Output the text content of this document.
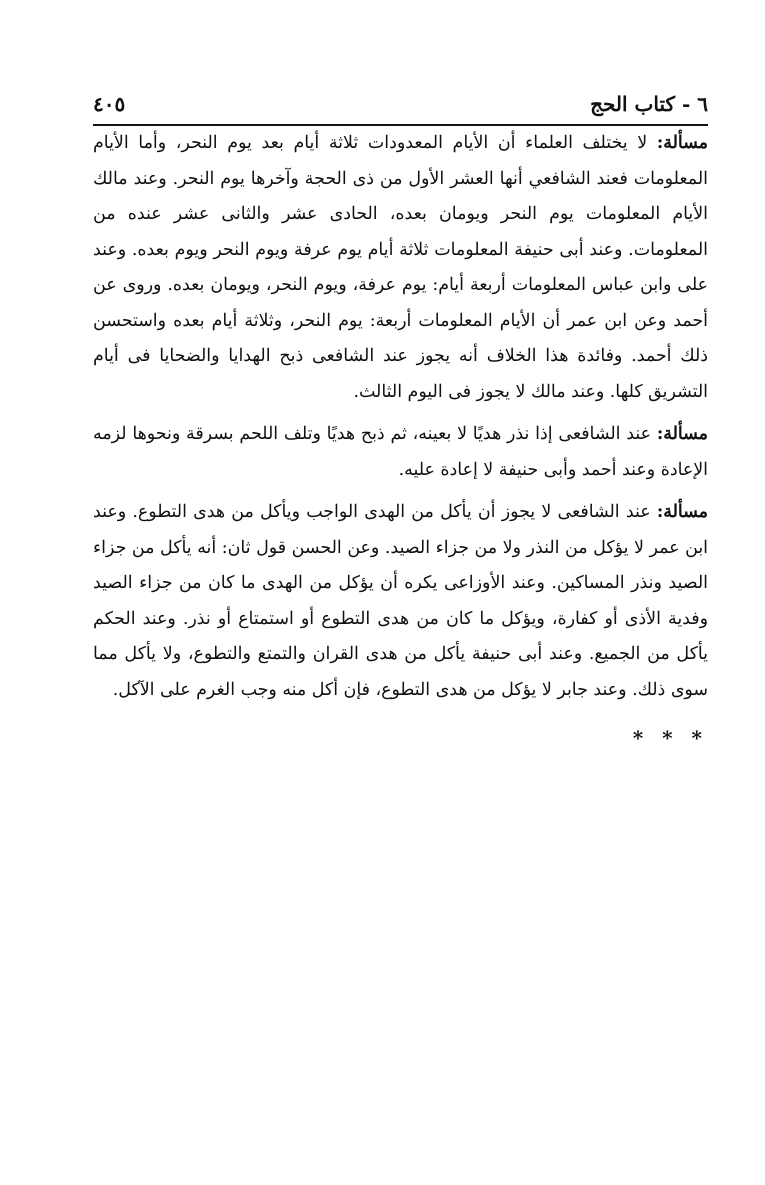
٦ - كتاب الحج
٤٠٥

مسألة: لا يختلف العلماء أن الأيام المعدودات ثلاثة أيام بعد يوم النحر، وأما الأيام المعلومات فعند الشافعي أنها العشر الأول من ذى الحجة وآخرها يوم النحر. وعند مالك الأيام المعلومات يوم النحر ويومان بعده، الحادى عشر والثانى عشر عنده من المعلومات. وعند أبى حنيفة المعلومات ثلاثة أيام يوم عرفة ويوم النحر ويوم بعده. وعند على وابن عباس المعلومات أربعة أيام: يوم عرفة، ويوم النحر، ويومان بعده. وروى عن أحمد وعن ابن عمر أن الأيام المعلومات أربعة: يوم النحر، وثلاثة أيام بعده واستحسن ذلك أحمد. وفائدة هذا الخلاف أنه يجوز عند الشافعى ذبح الهدايا والضحايا فى أيام التشريق كلها. وعند مالك لا يجوز فى اليوم الثالث.

مسألة: عند الشافعى إذا نذر هديًا لا بعينه، ثم ذبح هديًا وتلف اللحم بسرقة ونحوها لزمه الإعادة وعند أحمد وأبى حنيفة لا إعادة عليه.

مسألة: عند الشافعى لا يجوز أن يأكل من الهدى الواجب ويأكل من هدى التطوع. وعند ابن عمر لا يؤكل من النذر ولا من جزاء الصيد. وعن الحسن قول ثان: أنه يأكل من جزاء الصيد ونذر المساكين. وعند الأوزاعى يكره أن يؤكل من الهدى ما كان من جزاء الصيد وفدية الأذى أو كفارة، ويؤكل ما كان من هدى التطوع أو استمتاع أو نذر. وعند الحكم يأكل من الجميع. وعند أبى حنيفة يأكل من هدى القران والتمتع والتطوع، ولا يأكل مما سوى ذلك. وعند جابر لا يؤكل من هدى التطوع، فإن أكل منه وجب الغرم على الآكل.

* * *
